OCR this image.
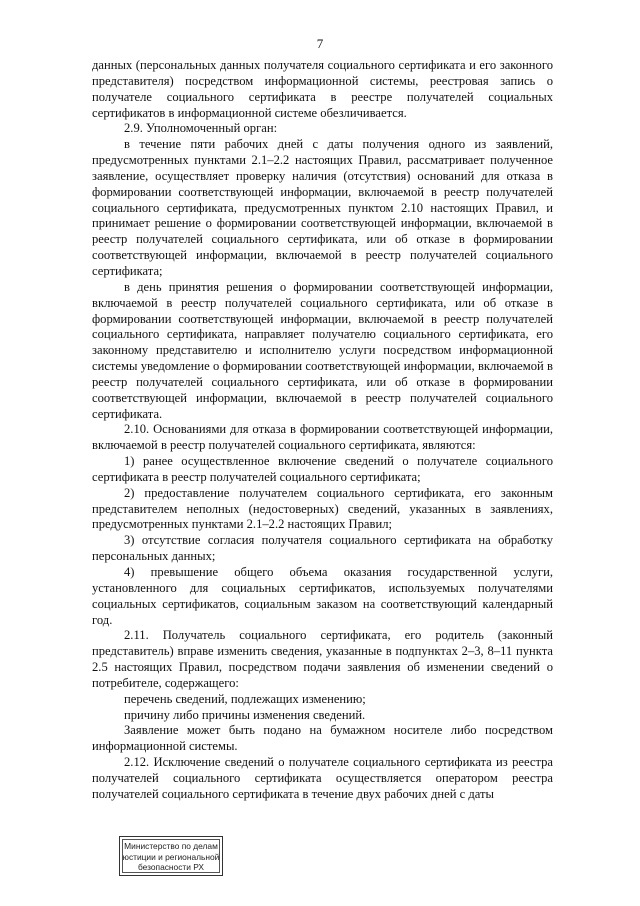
7

данных (персональных данных получателя социального сертификата и его законного представителя) посредством информационной системы, реестровая запись о получателе социального сертификата в реестре получателей социальных сертификатов в информационной системе обезличивается.

2.9. Уполномоченный орган:

в течение пяти рабочих дней с даты получения одного из заявлений, предусмотренных пунктами 2.1–2.2 настоящих Правил, рассматривает полученное заявление, осуществляет проверку наличия (отсутствия) оснований для отказа в формировании соответствующей информации, включаемой в реестр получателей социального сертификата, предусмотренных пунктом 2.10 настоящих Правил, и принимает решение о формировании соответствующей информации, включаемой в реестр получателей социального сертификата, или об отказе в формировании соответствующей информации, включаемой в реестр получателей социального сертификата;

в день принятия решения о формировании соответствующей информации, включаемой в реестр получателей социального сертификата, или об отказе в формировании соответствующей информации, включаемой в реестр получателей социального сертификата, направляет получателю социального сертификата, его законному представителю и исполнителю услуги посредством информационной системы уведомление о формировании соответствующей информации, включаемой в реестр получателей социального сертификата, или об отказе в формировании соответствующей информации, включаемой в реестр получателей социального сертификата.

2.10. Основаниями для отказа в формировании соответствующей информации, включаемой в реестр получателей социального сертификата, являются:

1) ранее осуществленное включение сведений о получателе социального сертификата в реестр получателей социального сертификата;

2) предоставление получателем социального сертификата, его законным представителем неполных (недостоверных) сведений, указанных в заявлениях, предусмотренных пунктами 2.1–2.2 настоящих Правил;

3) отсутствие согласия получателя социального сертификата на обработку персональных данных;

4) превышение общего объема оказания государственной услуги, установленного для социальных сертификатов, используемых получателями социальных сертификатов, социальным заказом на соответствующий календарный год.

2.11. Получатель социального сертификата, его родитель (законный представитель) вправе изменить сведения, указанные в подпунктах 2–3, 8–11 пункта 2.5 настоящих Правил, посредством подачи заявления об изменении сведений о потребителе, содержащего:

перечень сведений, подлежащих изменению;

причину либо причины изменения сведений.

Заявление может быть подано на бумажном носителе либо посредством информационной системы.

2.12. Исключение сведений о получателе социального сертификата из реестра получателей социального сертификата осуществляется оператором реестра получателей социального сертификата в течение двух рабочих дней с даты

Министерство по делам
юстиции и региональной
безопасности РХ
